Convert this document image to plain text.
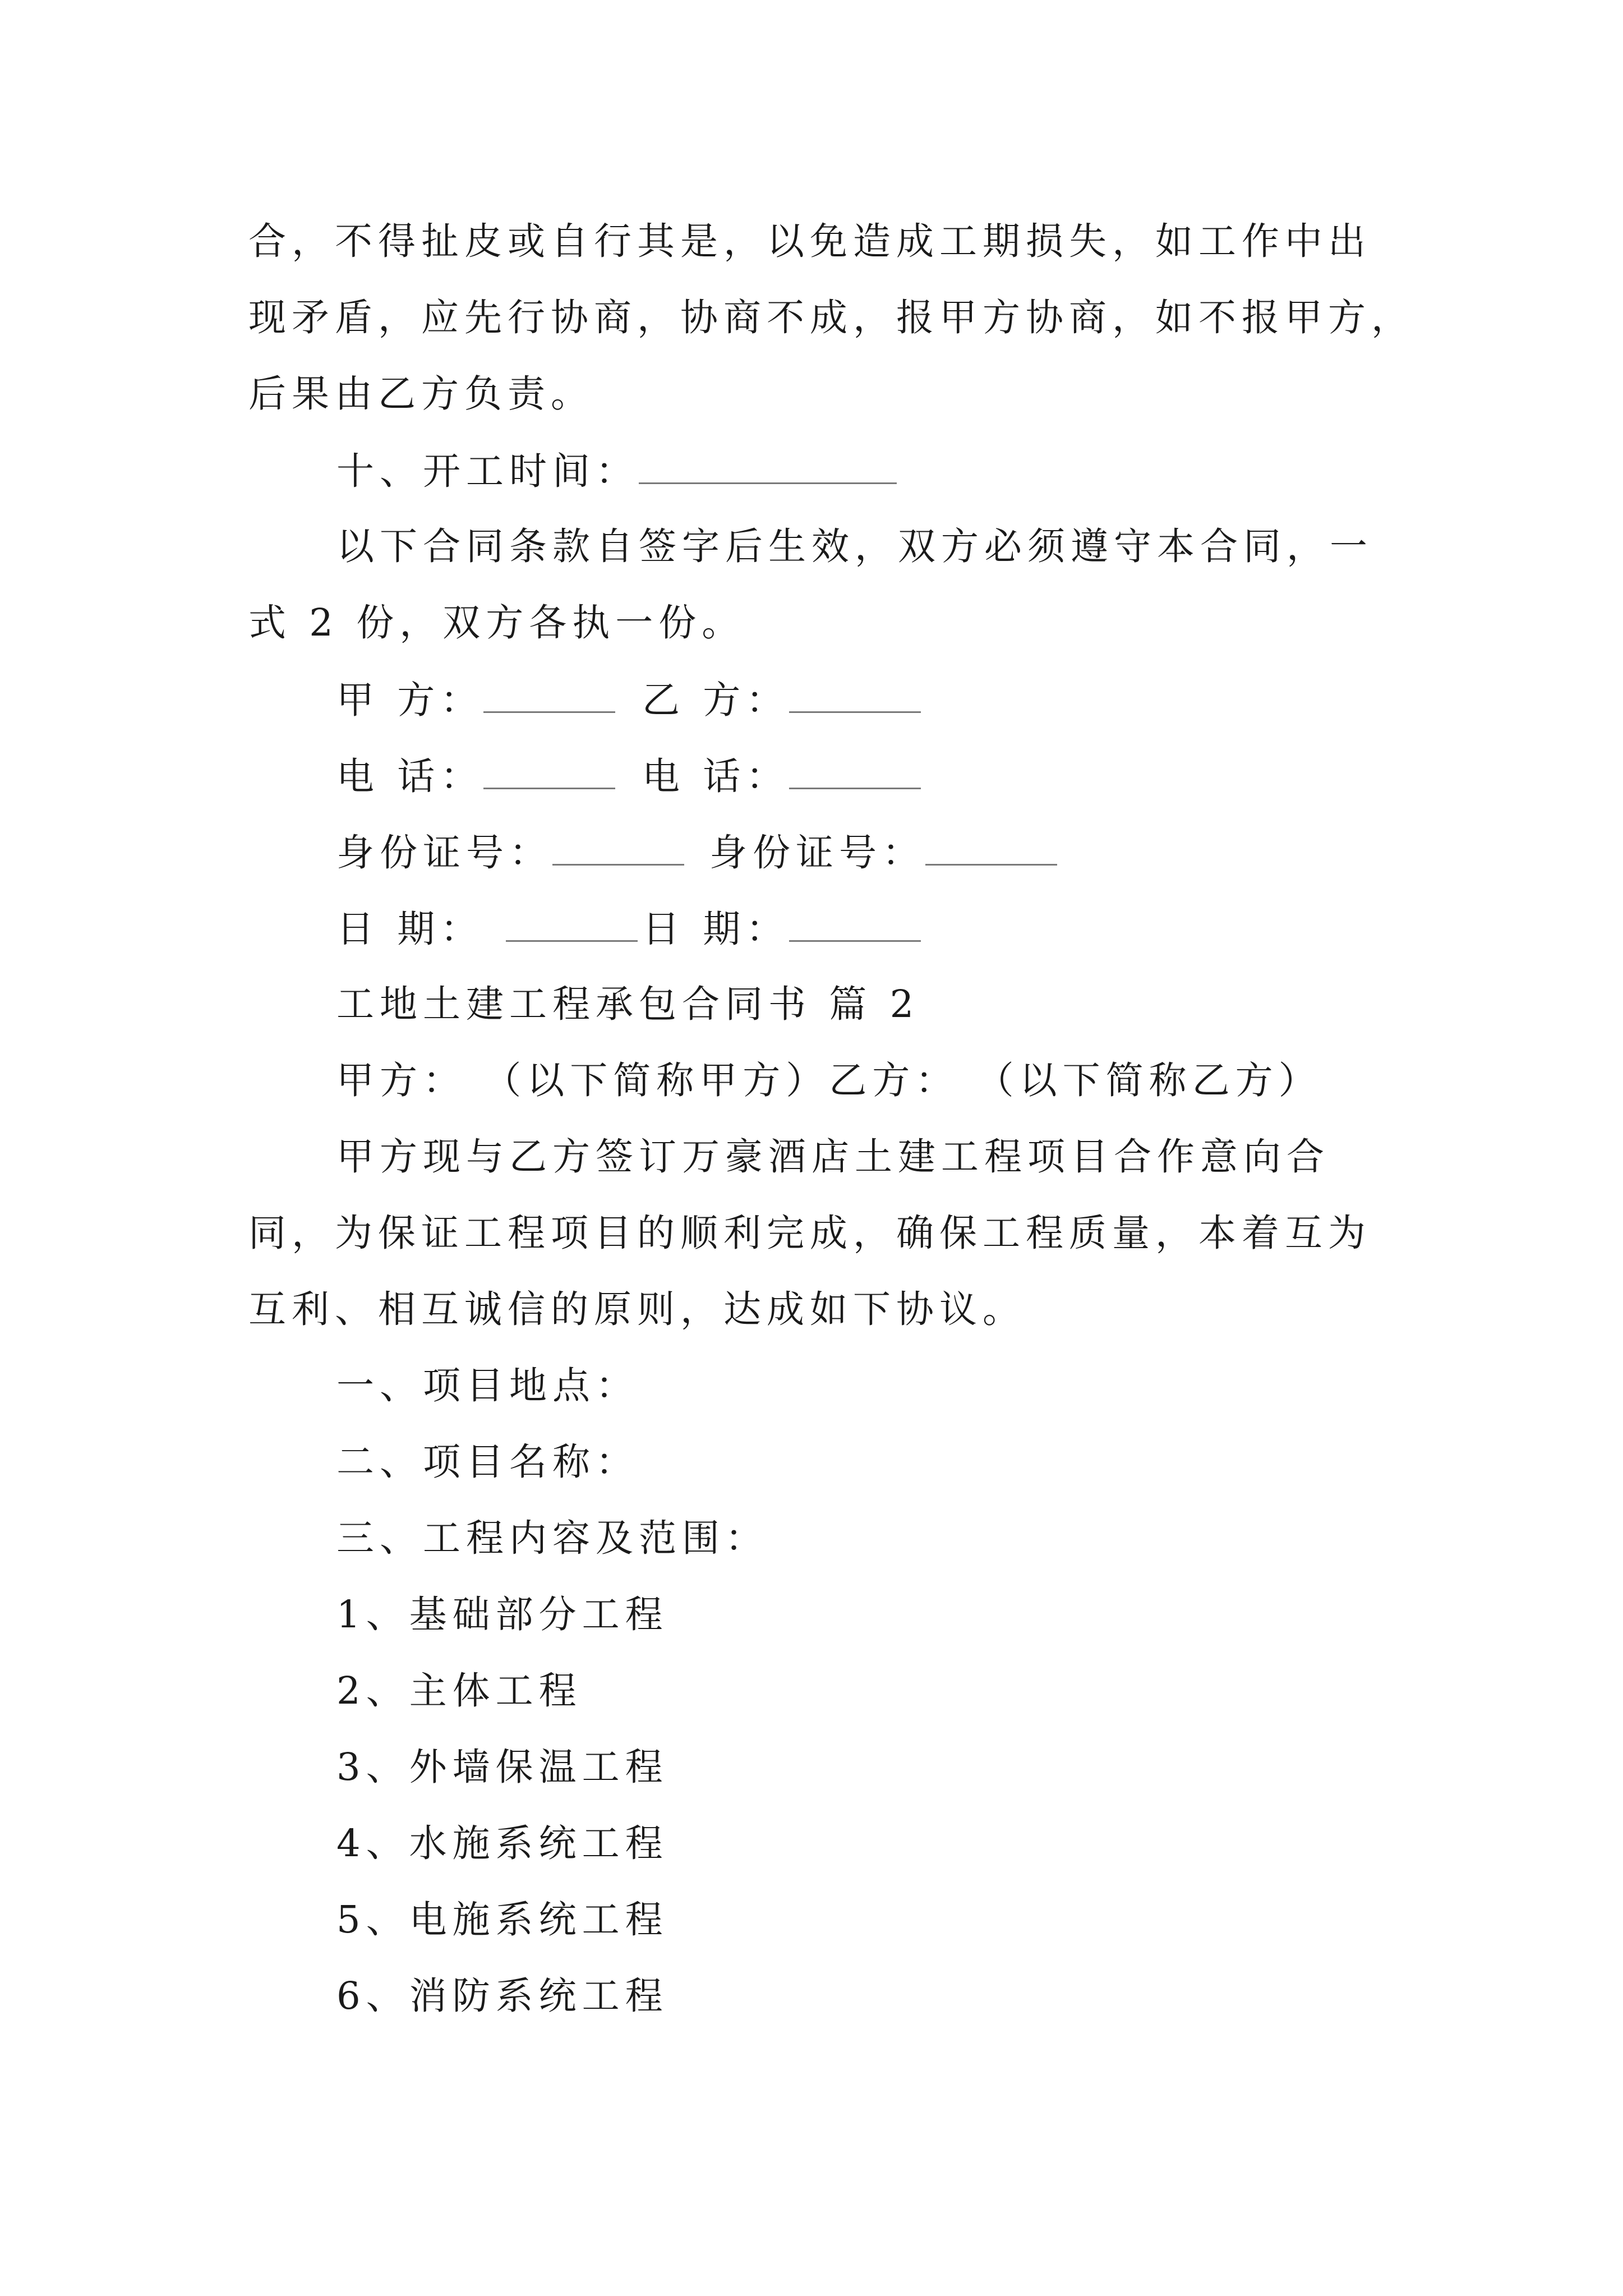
合，不得扯皮或自行其是，以免造成工期损失，如工作中出
现矛盾，应先行协商，协商不成，报甲方协商，如不报甲方，
后果由乙方负责。
十、开工时间：
以下合同条款自签字后生效，双方必须遵守本合同，一
式 2 份，双方各执一份。
甲 方：	乙 方：
电 话：	电 话：
身份证号：	身份证号：
日 期：	日 期：
工地土建工程承包合同书 篇 2
甲方： （以下简称甲方）乙方： （以下简称乙方）
甲方现与乙方签订万豪酒店土建工程项目合作意向合
同，为保证工程项目的顺利完成，确保工程质量，本着互为
互利、相互诚信的原则，达成如下协议。
一、项目地点：
二、项目名称：
三、工程内容及范围：
1、基础部分工程
2、主体工程
3、外墙保温工程
4、水施系统工程
5、电施系统工程
6、消防系统工程
